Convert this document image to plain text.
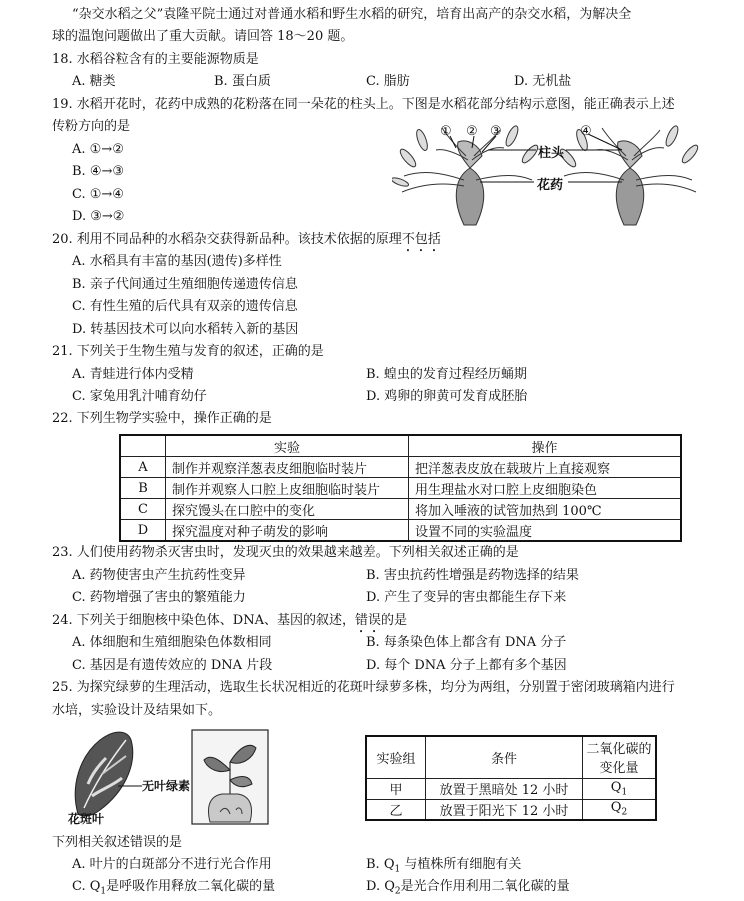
“杂交水稻之父”袁隆平院士通过对普通水稻和野生水稻的研究，培育出高产的杂交水稻，为解决全
球的温饱问题做出了重大贡献。请回答 18～20 题。
18. 水稻谷粒含有的主要能源物质是
A. 糖类	B. 蛋白质	C. 脂肪	D. 无机盐
19. 水稻开花时，花药中成熟的花粉落在同一朵花的柱头上。下图是水稻花部分结构示意图，能正确表示上述
传粉方向的是
A. ①→②
B. ④→③
C. ①→④
D. ③→②
① ② ③	④
柱头
花药
20. 利用不同品种的水稻杂交获得新品种。该技术依据的原理不包括
A. 水稻具有丰富的基因(遗传)多样性
B. 亲子代间通过生殖细胞传递遗传信息
C. 有性生殖的后代具有双亲的遗传信息
D. 转基因技术可以向水稻转入新的基因
21. 下列关于生物生殖与发育的叙述，正确的是
A. 青蛙进行体内受精	B. 蝗虫的发育过程经历蛹期
C. 家兔用乳汁哺育幼仔	D. 鸡卵的卵黄可发育成胚胎
22. 下列生物学实验中，操作正确的是
	实验	操作
A	制作并观察洋葱表皮细胞临时装片	把洋葱表皮放在载玻片上直接观察
B	制作并观察人口腔上皮细胞临时装片	用生理盐水对口腔上皮细胞染色
C	探究馒头在口腔中的变化	将加入唾液的试管加热到 100℃
D	探究温度对种子萌发的影响	设置不同的实验温度
23. 人们使用药物杀灭害虫时，发现灭虫的效果越来越差。下列相关叙述正确的是
A. 药物使害虫产生抗药性变异	B. 害虫抗药性增强是药物选择的结果
C. 药物增强了害虫的繁殖能力	D. 产生了变异的害虫都能生存下来
24. 下列关于细胞核中染色体、DNA、基因的叙述，错误的是
A. 体细胞和生殖细胞染色体数相同	B. 每条染色体上都含有 DNA 分子
C. 基因是有遗传效应的 DNA 片段	D. 每个 DNA 分子上都有多个基因
25. 为探究绿萝的生理活动，选取生长状况相近的花斑叶绿萝多株，均分为两组，分别置于密闭玻璃箱内进行
水培，实验设计及结果如下。
无叶绿素
花斑叶
实验组	条件	二氧化碳的
变化量
甲	放置于黑暗处 12 小时	$Q_1$
乙	放置于阳光下 12 小时	$Q_2$
下列相关叙述错误的是
A. 叶片的白斑部分不进行光合作用	B. $Q_1$ 与植株所有细胞有关
C. $Q_1$是呼吸作用释放二氧化碳的量	D. $Q_2$是光合作用利用二氧化碳的量
